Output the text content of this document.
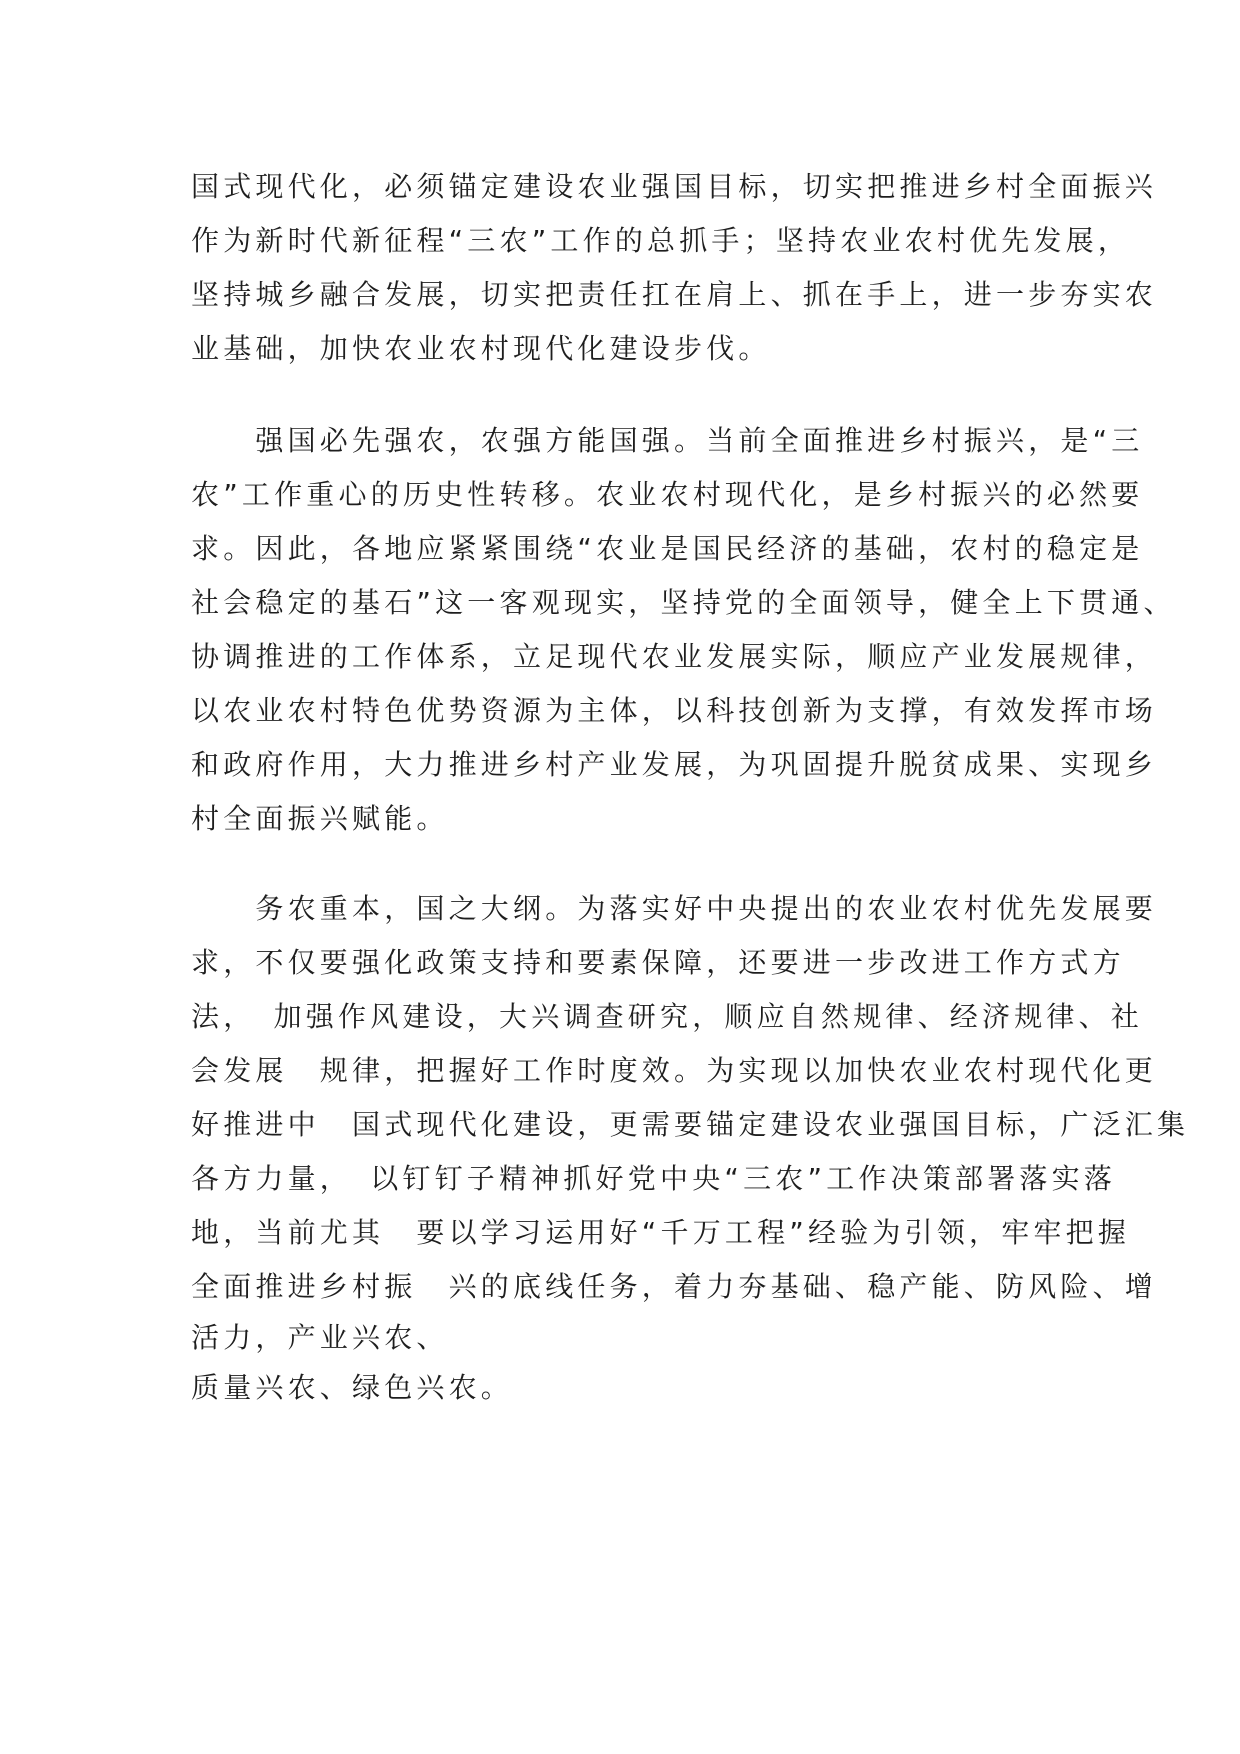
国式现代化，必须锚定建设农业强国目标，切实把推进乡村全面振兴
作为新时代新征程“三农”工作的总抓手；坚持农业农村优先发展，
坚持城乡融合发展，切实把责任扛在肩上、抓在手上，进一步夯实农
业基础，加快农业农村现代化建设步伐。
　　强国必先强农，农强方能国强。当前全面推进乡村振兴，是“三
农”工作重心的历史性转移。农业农村现代化，是乡村振兴的必然要
求。因此，各地应紧紧围绕“农业是国民经济的基础，农村的稳定是
社会稳定的基石”这一客观现实，坚持党的全面领导，健全上下贯通、
协调推进的工作体系，立足现代农业发展实际，顺应产业发展规律，
以农业农村特色优势资源为主体，以科技创新为支撑，有效发挥市场
和政府作用，大力推进乡村产业发展，为巩固提升脱贫成果、实现乡
村全面振兴赋能。
　　务农重本，国之大纲。为落实好中央提出的农业农村优先发展要
求，不仅要强化政策支持和要素保障，还要进一步改进工作方式方
法，　加强作风建设，大兴调查研究，顺应自然规律、经济规律、社
会发展　规律，把握好工作时度效。为实现以加快农业农村现代化更
好推进中　国式现代化建设，更需要锚定建设农业强国目标，广泛汇集
各方力量，　以钉钉子精神抓好党中央“三农”工作决策部署落实落
地，当前尤其　要以学习运用好“千万工程”经验为引领，牢牢把握
全面推进乡村振　兴的底线任务，着力夯基础、稳产能、防风险、增
活力，产业兴农、
质量兴农、绿色兴农。
